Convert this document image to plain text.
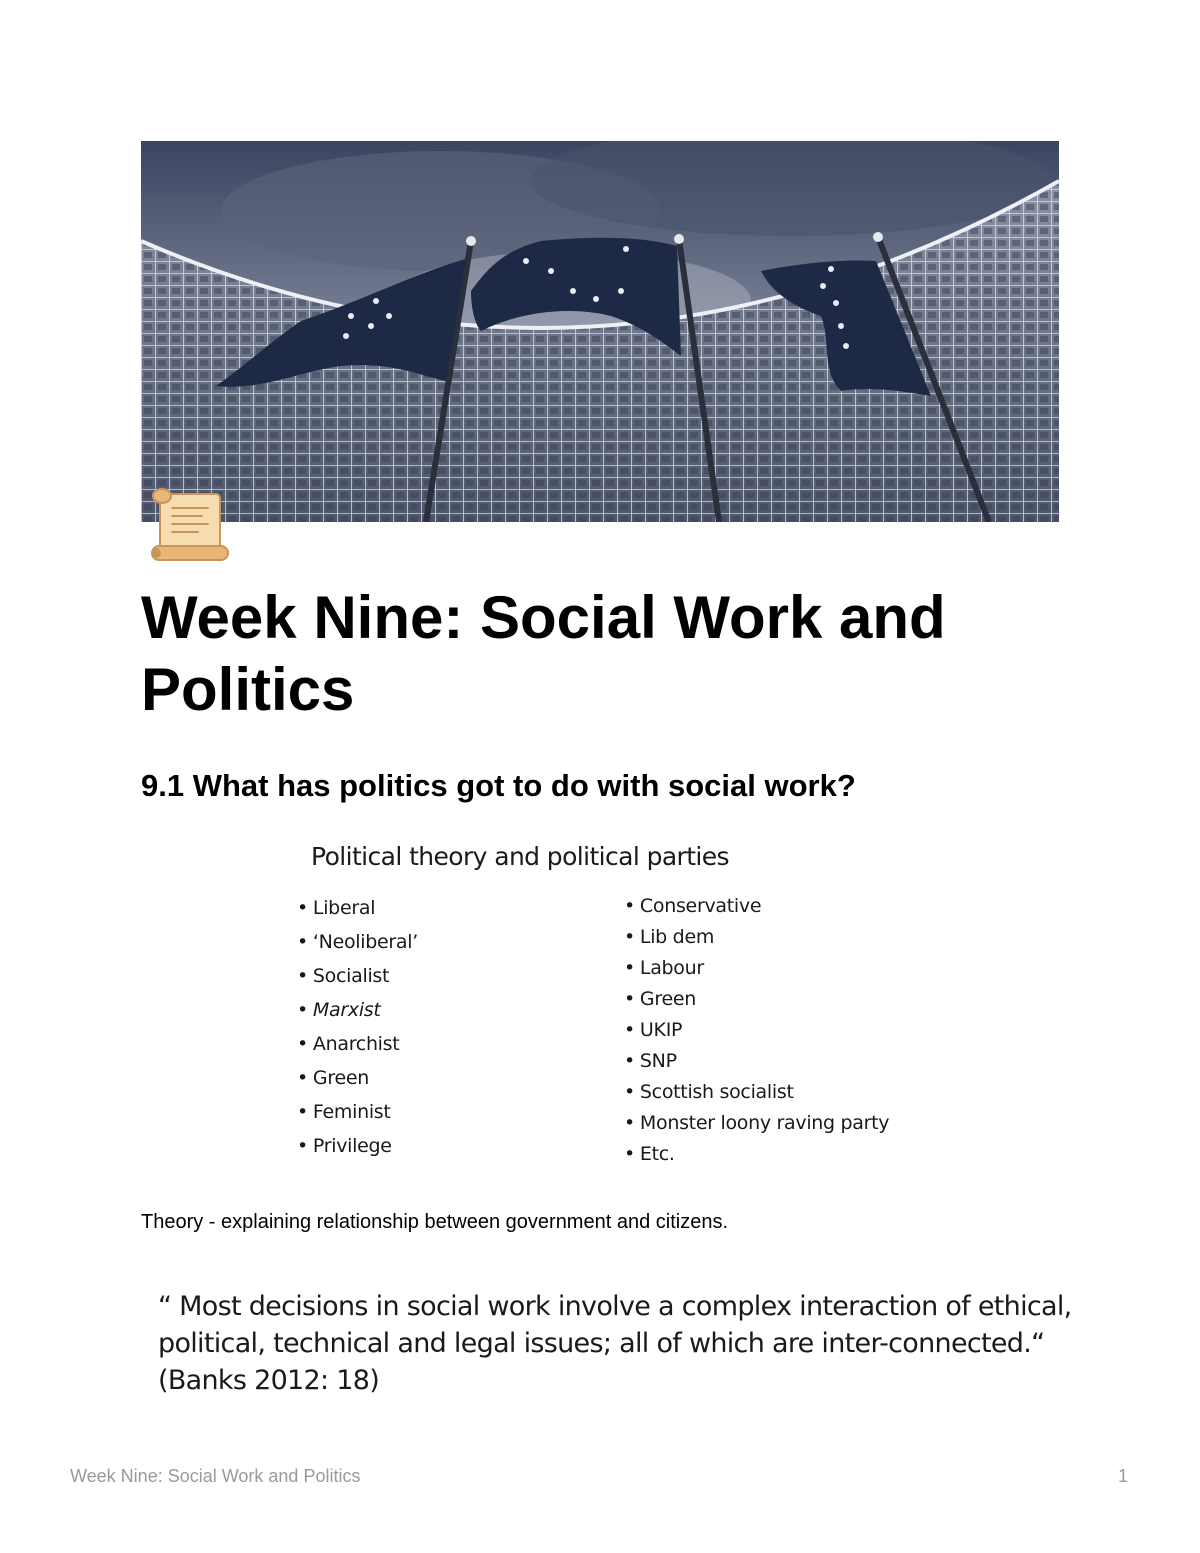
Week Nine: Social Work and Politics
9.1 What has politics got to do with social work?
Political theory and political parties
• Liberal
• ‘Neoliberal’
• Socialist
• Marxist
• Anarchist
• Green
• Feminist
• Privilege
• Conservative
• Lib dem
• Labour
• Green
• UKIP
• SNP
• Scottish socialist
• Monster loony raving party
• Etc.

Theory - explaining relationship between government and citizens.

“ Most decisions in social work involve a complex interaction of ethical, political, technical and legal issues; all of which are inter-connected.“ (Banks 2012: 18)

Week Nine: Social Work and Politics	1
